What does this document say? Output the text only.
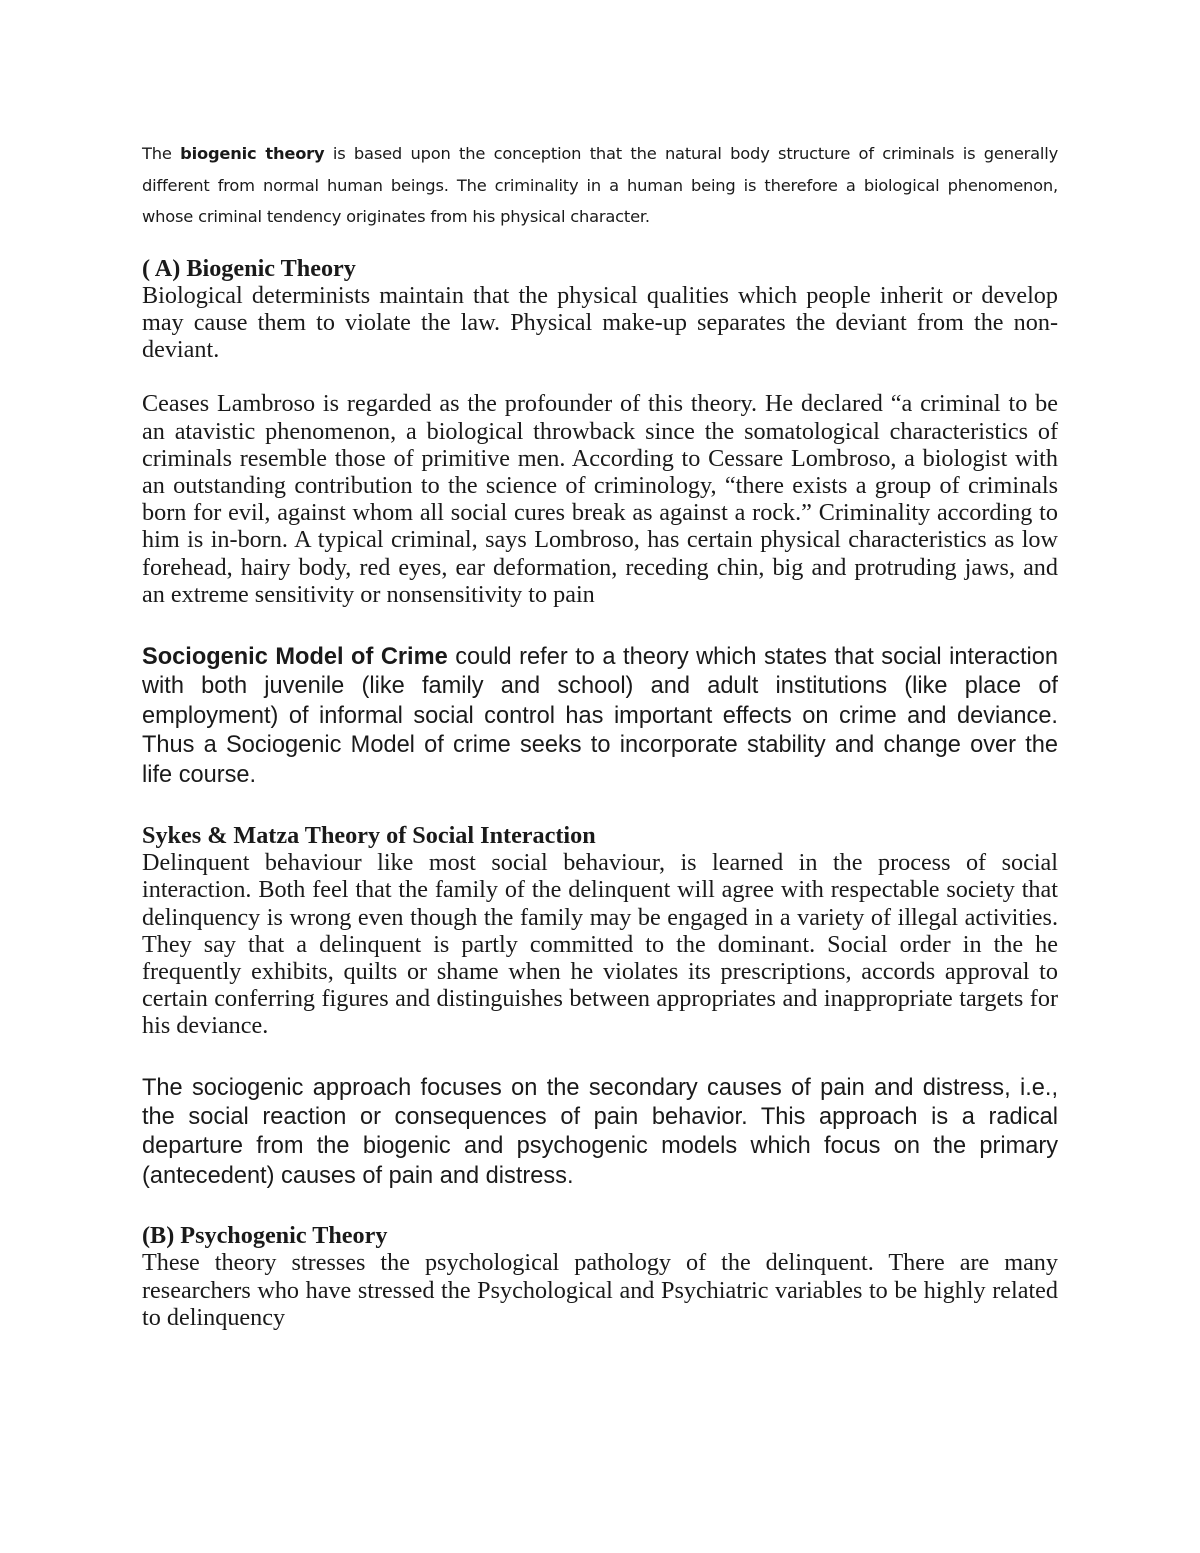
The biogenic theory is based upon the conception that the natural body structure of criminals is generally different from normal human beings. The criminality in a human being is therefore a biological phenomenon, whose criminal tendency originates from his physical character.

( A) Biogenic Theory

Biological determinists maintain that the physical qualities which people inherit or develop may cause them to violate the law. Physical make-up separates the deviant from the non-deviant.

Ceases Lambroso is regarded as the profounder of this theory. He declared “a criminal to be an atavistic phenomenon, a biological throwback since the somatological characteristics of criminals resemble those of primitive men. According to Cessare Lombroso, a biologist with an outstanding contribution to the science of criminology, “there exists a group of criminals born for evil, against whom all social cures break as against a rock.” Criminality according to him is in-born. A typical criminal, says Lombroso, has certain physical characteristics as low forehead, hairy body, red eyes, ear deformation, receding chin, big and protruding jaws, and an extreme sensitivity or nonsensitivity to pain

Sociogenic Model of Crime could refer to a theory which states that social interaction with both juvenile (like family and school) and adult institutions (like place of employment) of informal social control has important effects on crime and deviance. Thus a Sociogenic Model of crime seeks to incorporate stability and change over the life course.

Sykes & Matza Theory of Social Interaction

Delinquent behaviour like most social behaviour, is learned in the process of social interaction. Both feel that the family of the delinquent will agree with respectable society that delinquency is wrong even though the family may be engaged in a variety of illegal activities. They say that a delinquent is partly committed to the dominant. Social order in the he frequently exhibits, quilts or shame when he violates its prescriptions, accords approval to certain conferring figures and distinguishes between appropriates and inappropriate targets for his deviance.

The sociogenic approach focuses on the secondary causes of pain and distress, i.e., the social reaction or consequences of pain behavior. This approach is a radical departure from the biogenic and psychogenic models which focus on the primary (antecedent) causes of pain and distress.

(B) Psychogenic Theory

These theory stresses the psychological pathology of the delinquent. There are many researchers who have stressed the Psychological and Psychiatric variables to be highly related to delinquency
